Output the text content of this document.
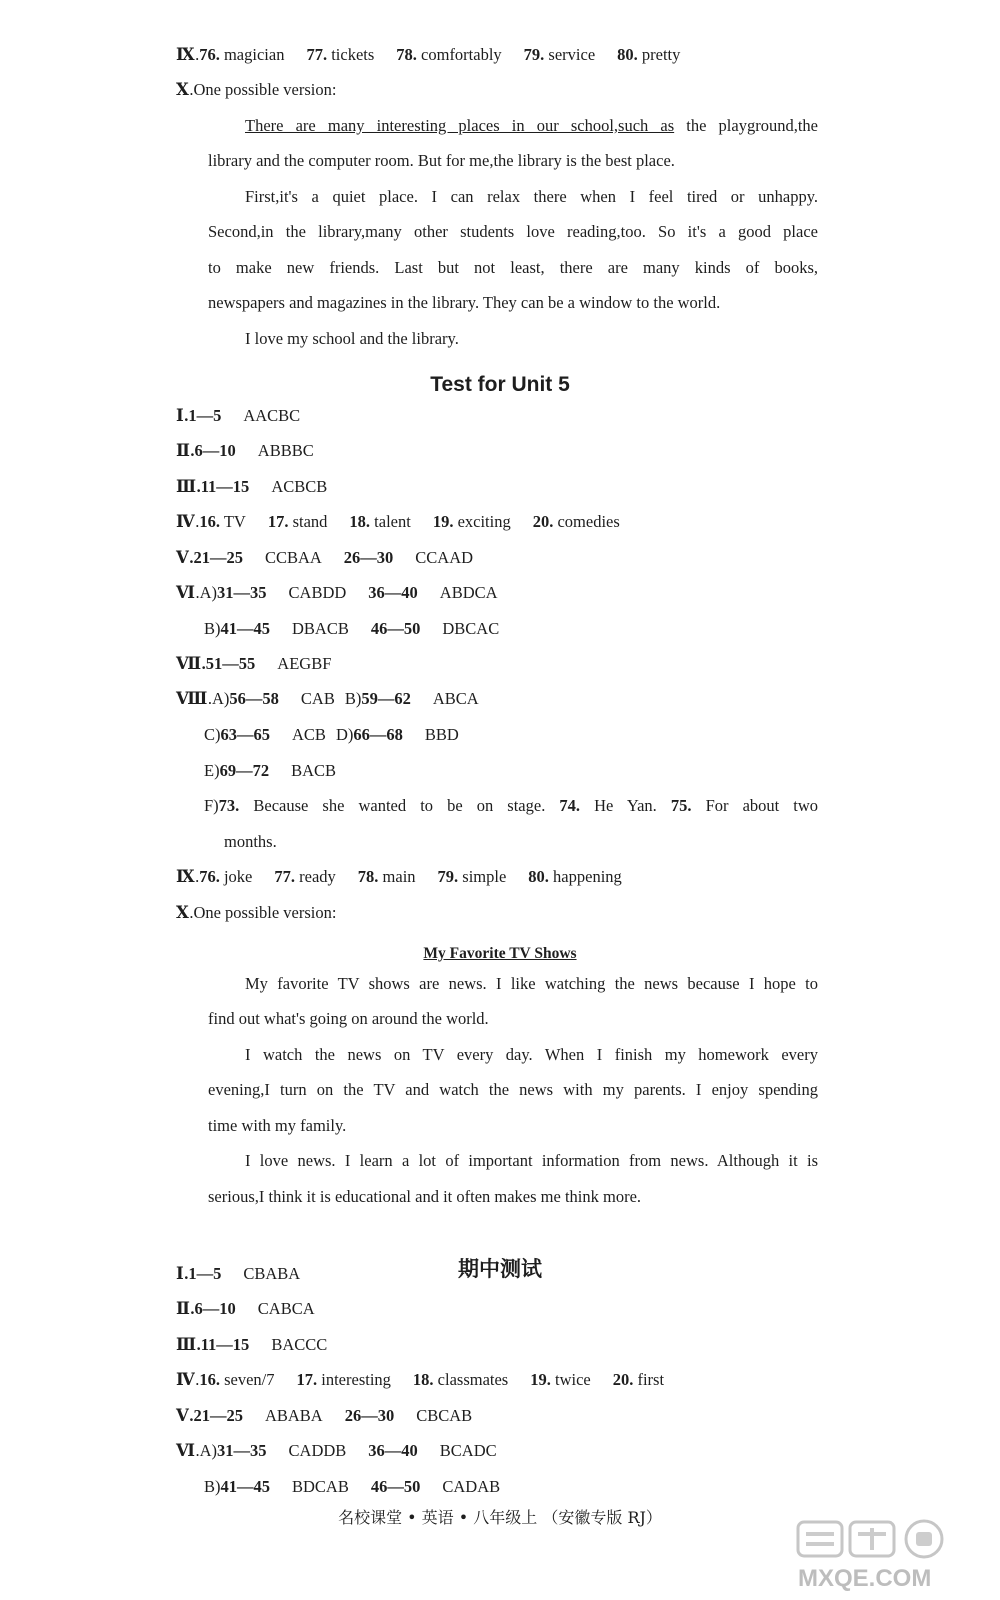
Ⅸ.76. magician 77. tickets 78. comfortably 79. service 80. pretty
Ⅹ.One possible version:
There are many interesting places in our school,such as the playground,the
library and the computer room. But for me,the library is the best place.
First,it's a quiet place. I can relax there when I feel tired or unhappy.
Second,in the library,many other students love reading,too. So it's a good place
to make new friends. Last but not least, there are many kinds of books,
newspapers and magazines in the library. They can be a window to the world.
I love my school and the library.
Test for Unit 5
Ⅰ.1—5 AACBC
Ⅱ.6—10 ABBBC
Ⅲ.11—15 ACBCB
Ⅳ.16. TV 17. stand 18. talent 19. exciting 20. comedies
Ⅴ.21—25 CCBAA 26—30 CCAAD
Ⅵ.A)31—35 CABDD 36—40 ABDCA
B)41—45 DBACB 46—50 DBCAC
Ⅶ.51—55 AEGBF
Ⅷ.A)56—58 CAB B)59—62 ABCA
C)63—65 ACB D)66—68 BBD
E)69—72 BACB
F)73. Because she wanted to be on stage. 74. He Yan. 75. For about two
months.
Ⅸ.76. joke 77. ready 78. main 79. simple 80. happening
Ⅹ.One possible version:
My Favorite TV Shows
My favorite TV shows are news. I like watching the news because I hope to
find out what's going on around the world.
I watch the news on TV every day. When I finish my homework every
evening,I turn on the TV and watch the news with my parents. I enjoy spending
time with my family.
I love news. I learn a lot of important information from news. Although it is
serious,I think it is educational and it often makes me think more.
期中测试
Ⅰ.1—5 CBABA
Ⅱ.6—10 CABCA
Ⅲ.11—15 BACCC
Ⅳ.16. seven/7 17. interesting 18. classmates 19. twice 20. first
Ⅴ.21—25 ABABA 26—30 CBCAB
Ⅵ.A)31—35 CADDB 36—40 BCADC
B)41—45 BDCAB 46—50 CADAB
名校课堂 • 英语 • 八年级上 （安徽专版 RJ）
MXQE.COM
